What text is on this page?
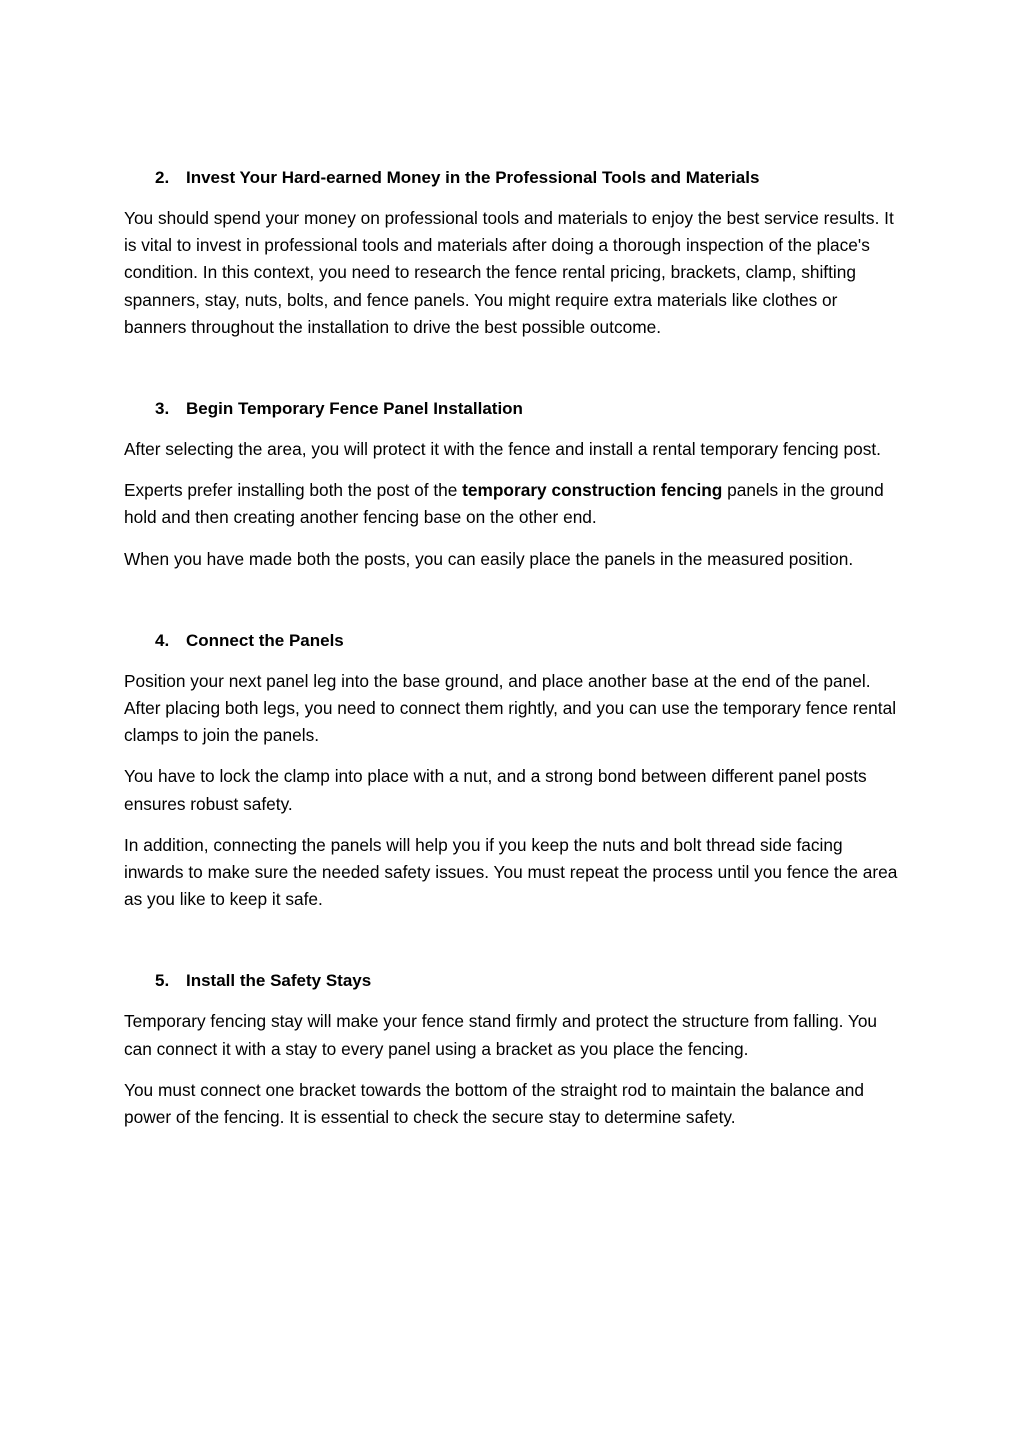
2. Invest Your Hard-earned Money in the Professional Tools and Materials

You should spend your money on professional tools and materials to enjoy the best service results. It is vital to invest in professional tools and materials after doing a thorough inspection of the place's condition. In this context, you need to research the fence rental pricing, brackets, clamp, shifting spanners, stay, nuts, bolts, and fence panels. You might require extra materials like clothes or banners throughout the installation to drive the best possible outcome.

3. Begin Temporary Fence Panel Installation

After selecting the area, you will protect it with the fence and install a rental temporary fencing post.

Experts prefer installing both the post of the temporary construction fencing panels in the ground hold and then creating another fencing base on the other end.

When you have made both the posts, you can easily place the panels in the measured position.

4. Connect the Panels

Position your next panel leg into the base ground, and place another base at the end of the panel. After placing both legs, you need to connect them rightly, and you can use the temporary fence rental clamps to join the panels.

You have to lock the clamp into place with a nut, and a strong bond between different panel posts ensures robust safety.

In addition, connecting the panels will help you if you keep the nuts and bolt thread side facing inwards to make sure the needed safety issues. You must repeat the process until you fence the area as you like to keep it safe.

5. Install the Safety Stays

Temporary fencing stay will make your fence stand firmly and protect the structure from falling. You can connect it with a stay to every panel using a bracket as you place the fencing.

You must connect one bracket towards the bottom of the straight rod to maintain the balance and power of the fencing. It is essential to check the secure stay to determine safety.
